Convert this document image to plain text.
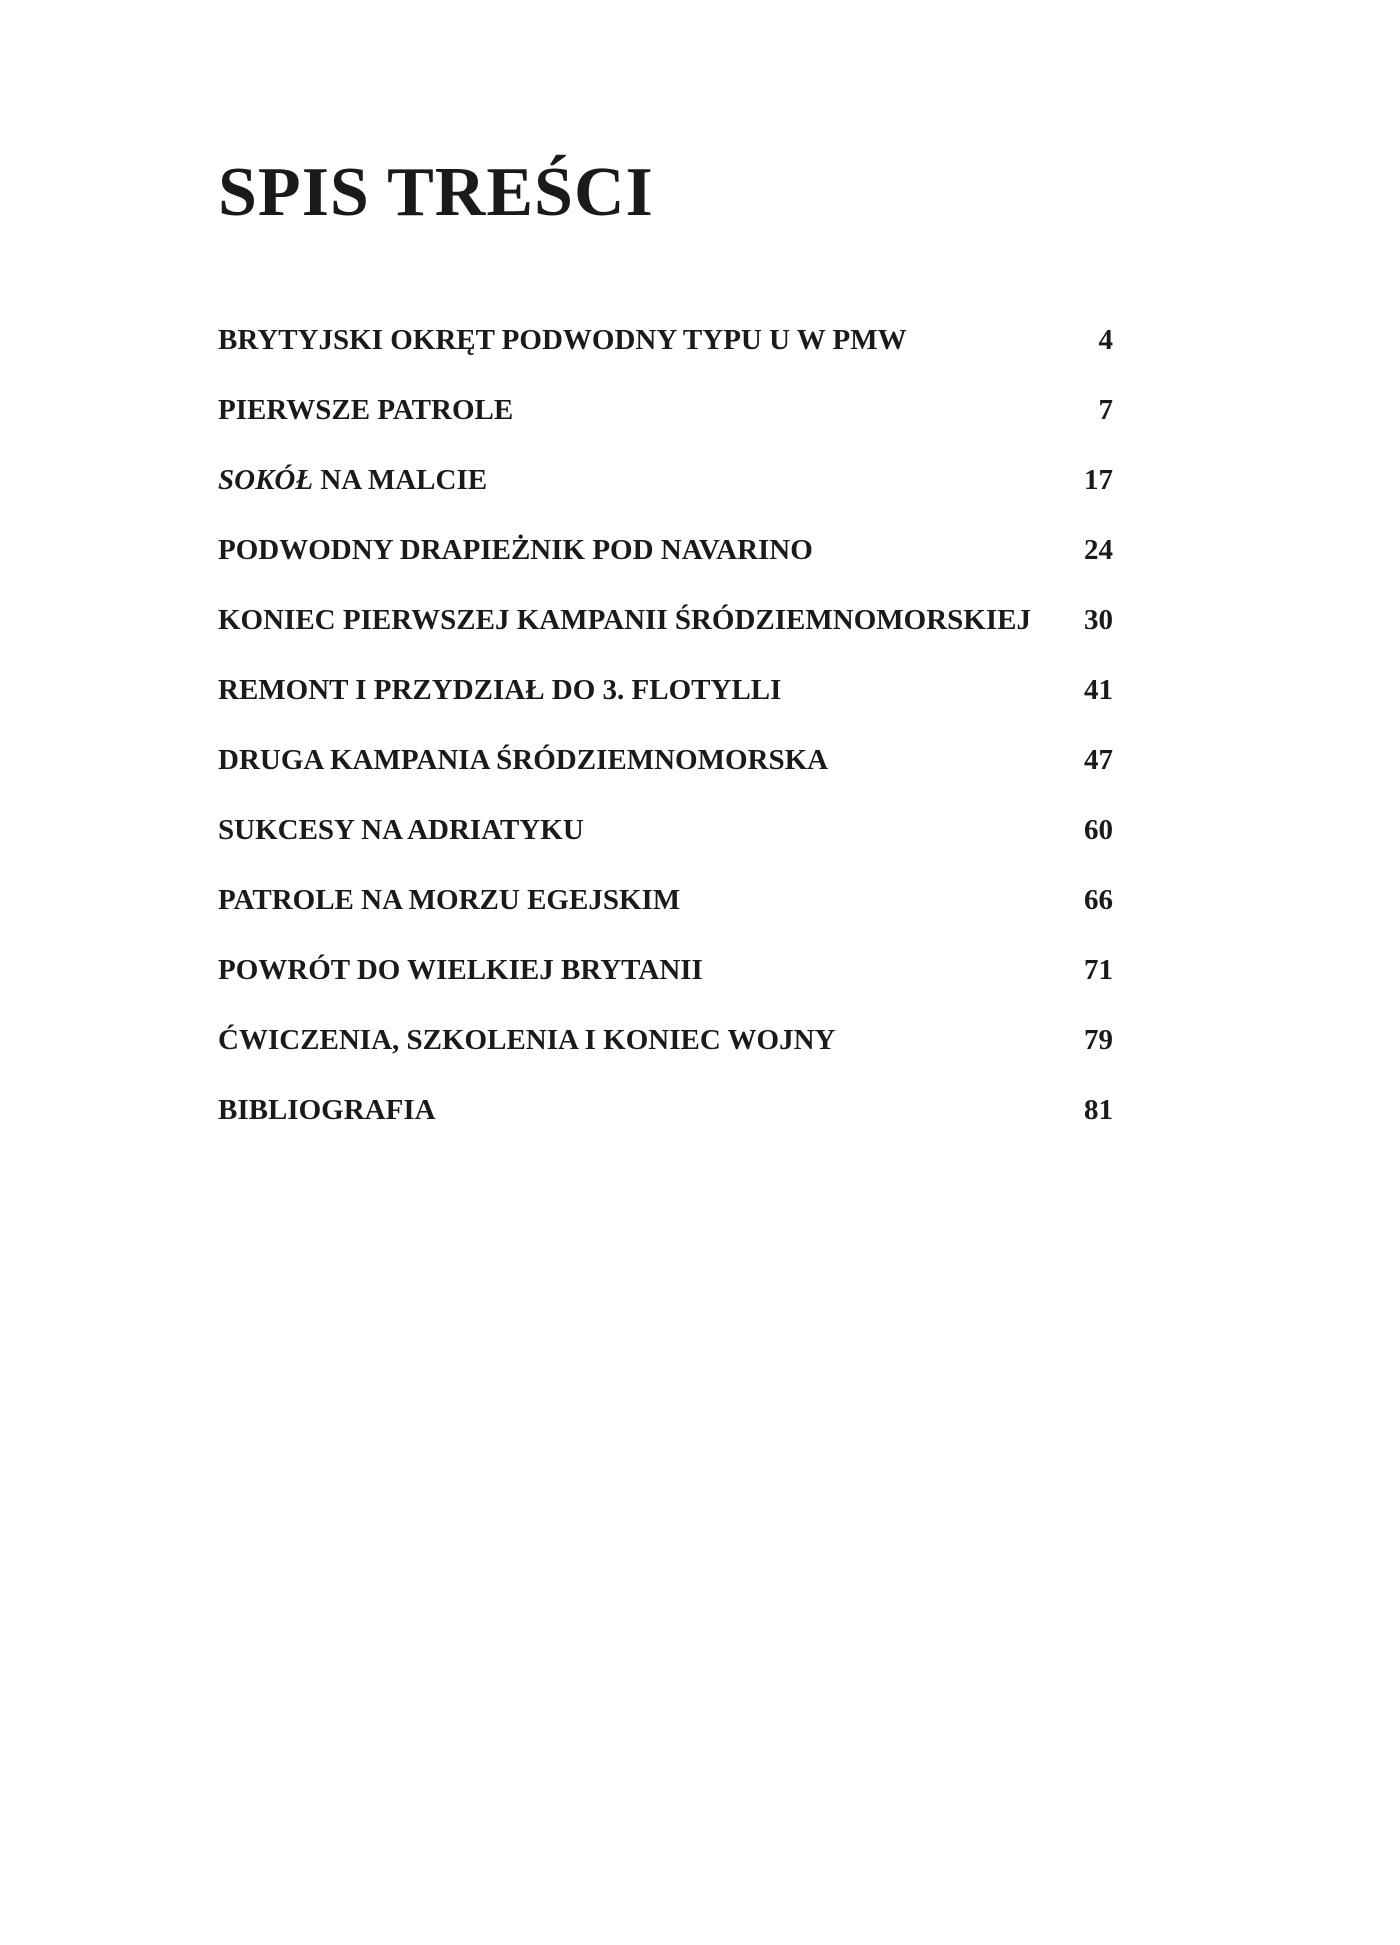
SPIS TREŚCI
BRYTYJSKI OKRĘT PODWODNY TYPU U W PMW	4
PIERWSZE PATROLE	7
SOKÓŁ NA MALCIE	17
PODWODNY DRAPIEŻNIK POD NAVARINO	24
KONIEC PIERWSZEJ KAMPANII ŚRÓDZIEMNOMORSKIEJ	30
REMONT I PRZYDZIAŁ DO 3. FLOTYLLI	41
DRUGA KAMPANIA ŚRÓDZIEMNOMORSKA	47
SUKCESY NA ADRIATYKU	60
PATROLE NA MORZU EGEJSKIM	66
POWRÓT DO WIELKIEJ BRYTANII	71
ĆWICZENIA, SZKOLENIA I KONIEC WOJNY	79
BIBLIOGRAFIA	81
